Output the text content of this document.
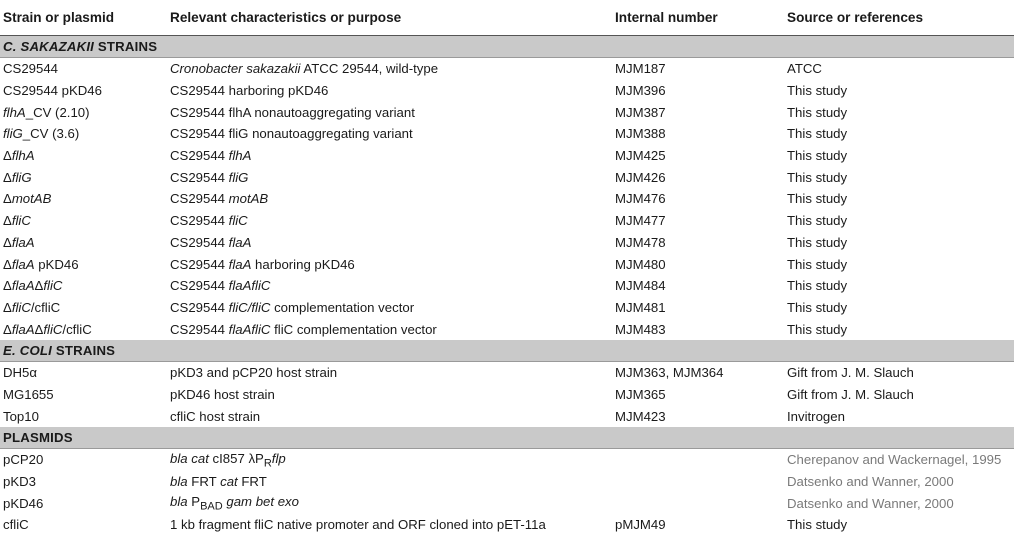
Strain or plasmid	Relevant characteristics or purpose	Internal number	Source or references
C. SAKAZAKII STRAINS			
CS29544	Cronobacter sakazakii ATCC 29544, wild-type	MJM187	ATCC
CS29544 pKD46	CS29544 harboring pKD46	MJM396	This study
flhA_CV (2.10)	CS29544 flhA nonautoaggregating variant	MJM387	This study
fliG_CV (3.6)	CS29544 fliG nonautoaggregating variant	MJM388	This study
ΔflhA	CS29544 flhA	MJM425	This study
ΔfliG	CS29544 fliG	MJM426	This study
ΔmotAB	CS29544 motAB	MJM476	This study
ΔfliC	CS29544 fliC	MJM477	This study
ΔflaA	CS29544 flaA	MJM478	This study
ΔflaA pKD46	CS29544 flaA harboring pKD46	MJM480	This study
ΔflaAΔfliC	CS29544 flaAfliC	MJM484	This study
ΔfliC/cfliC	CS29544 fliC/fliC complementation vector	MJM481	This study
ΔflaAΔfliC/cfliC	CS29544 flaAfliC fliC complementation vector	MJM483	This study
E. COLI STRAINS			
DH5α	pKD3 and pCP20 host strain	MJM363, MJM364	Gift from J. M. Slauch
MG1655	pKD46 host strain	MJM365	Gift from J. M. Slauch
Top10	cfliC host strain	MJM423	Invitrogen
PLASMIDS			
pCP20	bla cat cI857 $\lambda P_Rflp$		Cherepanov and Wackernagel, 1995
pKD3	bla FRT cat FRT		Datsenko and Wanner, 2000
pKD46	bla $P_{BAD}$ gam bet exo		Datsenko and Wanner, 2000
cfliC	1 kb fragment fliC native promoter and ORF cloned into pET-11a	pMJM49	This study
